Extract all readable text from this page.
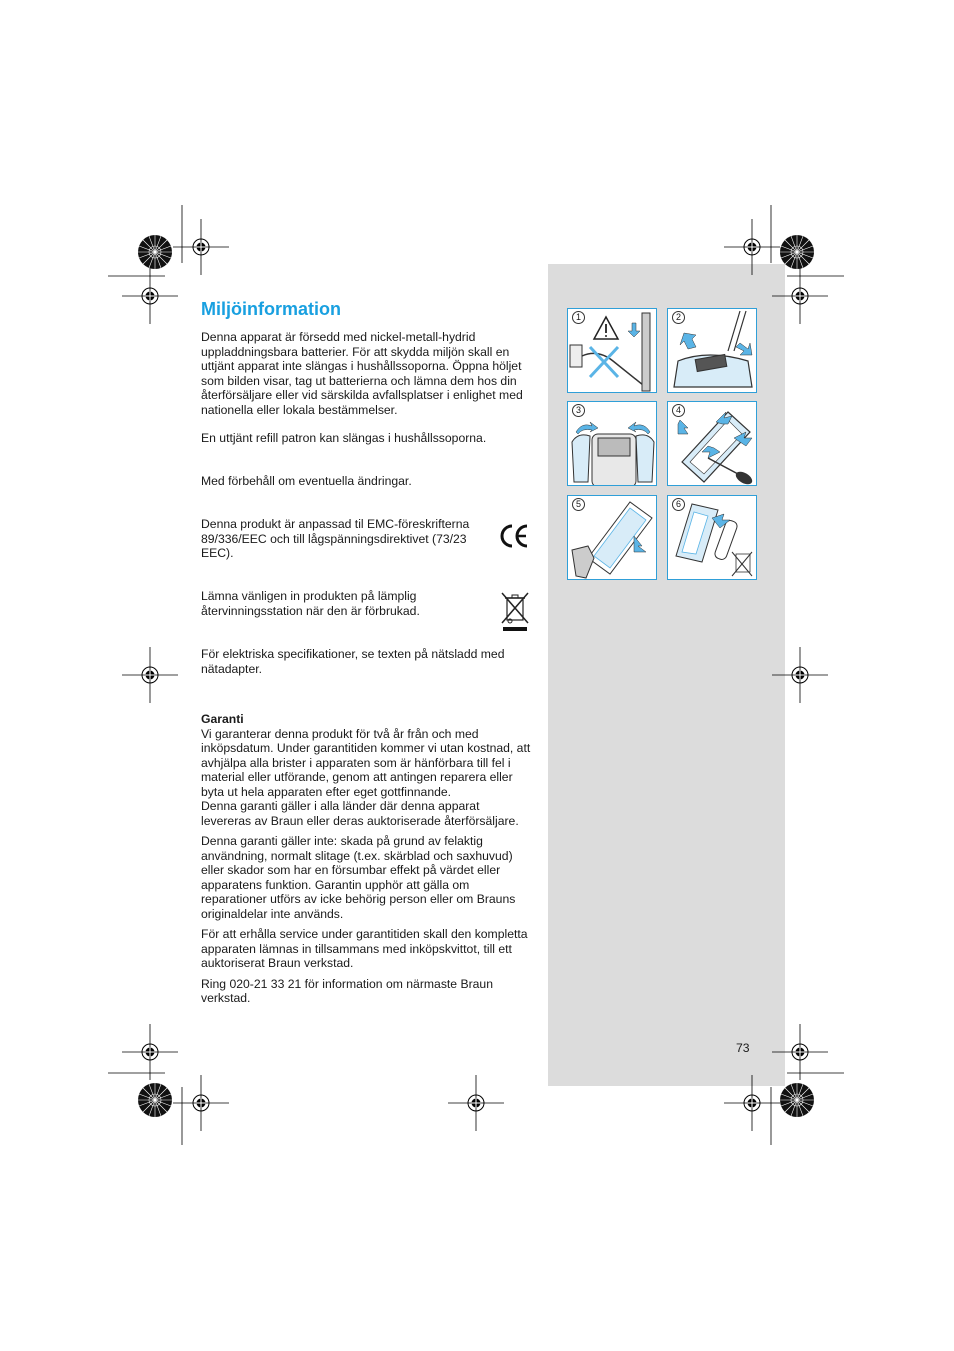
Miljöinformation

Denna apparat är försedd med nickel-metall-hydrid uppladdningsbara batterier. För att skydda miljön skall en uttjänt apparat inte slängas i hushållssoporna. Öppna höljet som bilden visar, tag ut batterierna och lämna dem hos din återförsäljare eller vid särskilda avfallsplatser i enlighet med nationella eller lokala bestämmelser.

En uttjänt refill patron kan slängas i hushållssoporna.

Med förbehåll om eventuella ändringar.

Denna produkt är anpassad til EMC-föreskrifterna 89/336/EEC och till lågspänningsdirektivet (73/23 EEC).

Lämna vänligen in produkten på lämplig återvinningsstation när den är förbrukad.

För elektriska specifikationer, se texten på nätsladd med nätadapter.

Garanti

Vi garanterar denna produkt för två år från och med inköpsdatum. Under garantitiden kommer vi utan kostnad, att avhjälpa alla brister i apparaten som är hänförbara till fel i material eller utförande, genom att antingen reparera eller byta ut hela apparaten efter eget gottfinnande.

Denna garanti gäller i alla länder där denna apparat levereras av Braun eller deras auktoriserade återförsäljare.

Denna garanti gäller inte: skada på grund av felaktig användning, normalt slitage (t.ex. skärblad och saxhuvud) eller skador som har en försumbar effekt på värdet eller apparatens funktion. Garantin upphör att gälla om reparationer utförs av icke behörig person eller om Brauns originaldelar inte används.

För att erhålla service under garantitiden skall den kompletta apparaten lämnas in tillsammans med inköpskvittot, till ett auktoriserat Braun verkstad.

Ring 020-21 33 21 för information om närmaste Braun verkstad.

1	2
3	4
5	6
73
